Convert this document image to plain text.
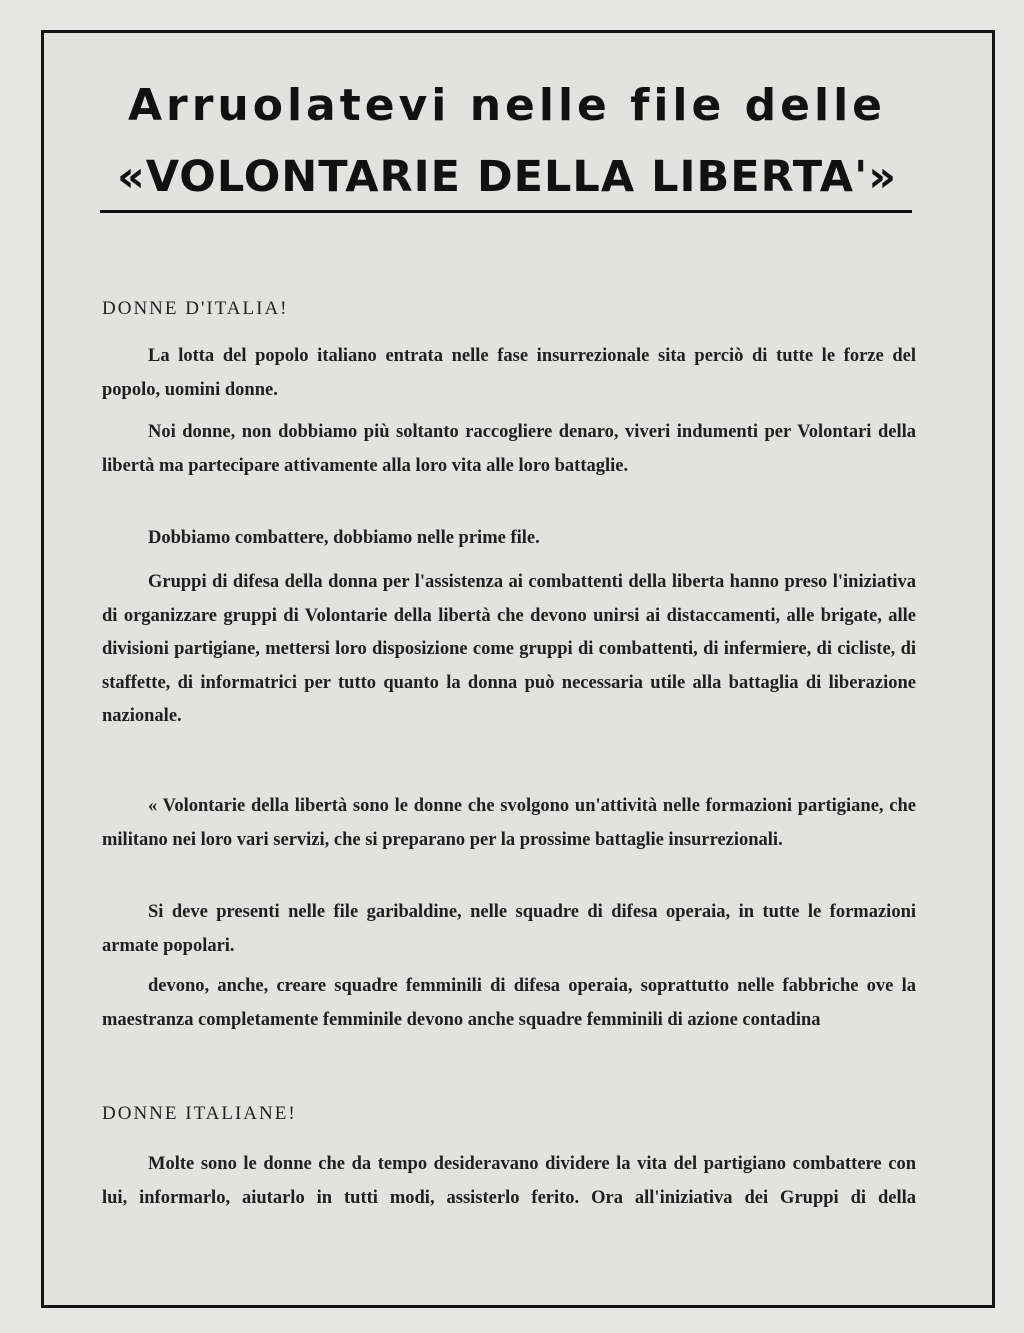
Arruolatevi nelle file delle
«VOLONTARIE DELLA LIBERTA'»
DONNE D'ITALIA!

La lotta del popolo italiano entrata nelle fase insurrezionale sita perciò di tutte le forze del popolo, uomini donne.

Noi donne, non dobbiamo più soltanto raccogliere denaro, viveri indumenti per Volontari della libertà ma partecipare attivamente alla loro vita alle loro battaglie.

Dobbiamo combattere, dobbiamo nelle prime file.

Gruppi di difesa della donna per l'assistenza ai combattenti della liberta hanno preso l'iniziativa di organizzare gruppi di Volontarie della libertà che devono unirsi ai distaccamenti, alle brigate, alle divisioni partigiane, mettersi loro disposizione come gruppi di combattenti, di infermiere, di cicliste, di staffette, di informatrici per tutto quanto la donna può necessaria utile alla battaglia di liberazione nazionale.

« Volontarie della libertà sono le donne che svolgono un'attività nelle formazioni partigiane, che militano nei loro vari servizi, che si preparano per la prossime battaglie insurrezionali.

Si deve presenti nelle file garibaldine, nelle squadre di difesa operaia, in tutte le formazioni armate popolari.

devono, anche, creare squadre femminili di difesa operaia, soprattutto nelle fabbriche ove la maestranza completamente femminile devono anche squadre femminili di azione contadina

DONNE ITALIANE!

Molte sono le donne che da tempo desideravano dividere la vita del partigiano combattere con lui, informarlo, aiutarlo in tutti modi, assisterlo ferito. Ora all'iniziativa dei Gruppi di della
